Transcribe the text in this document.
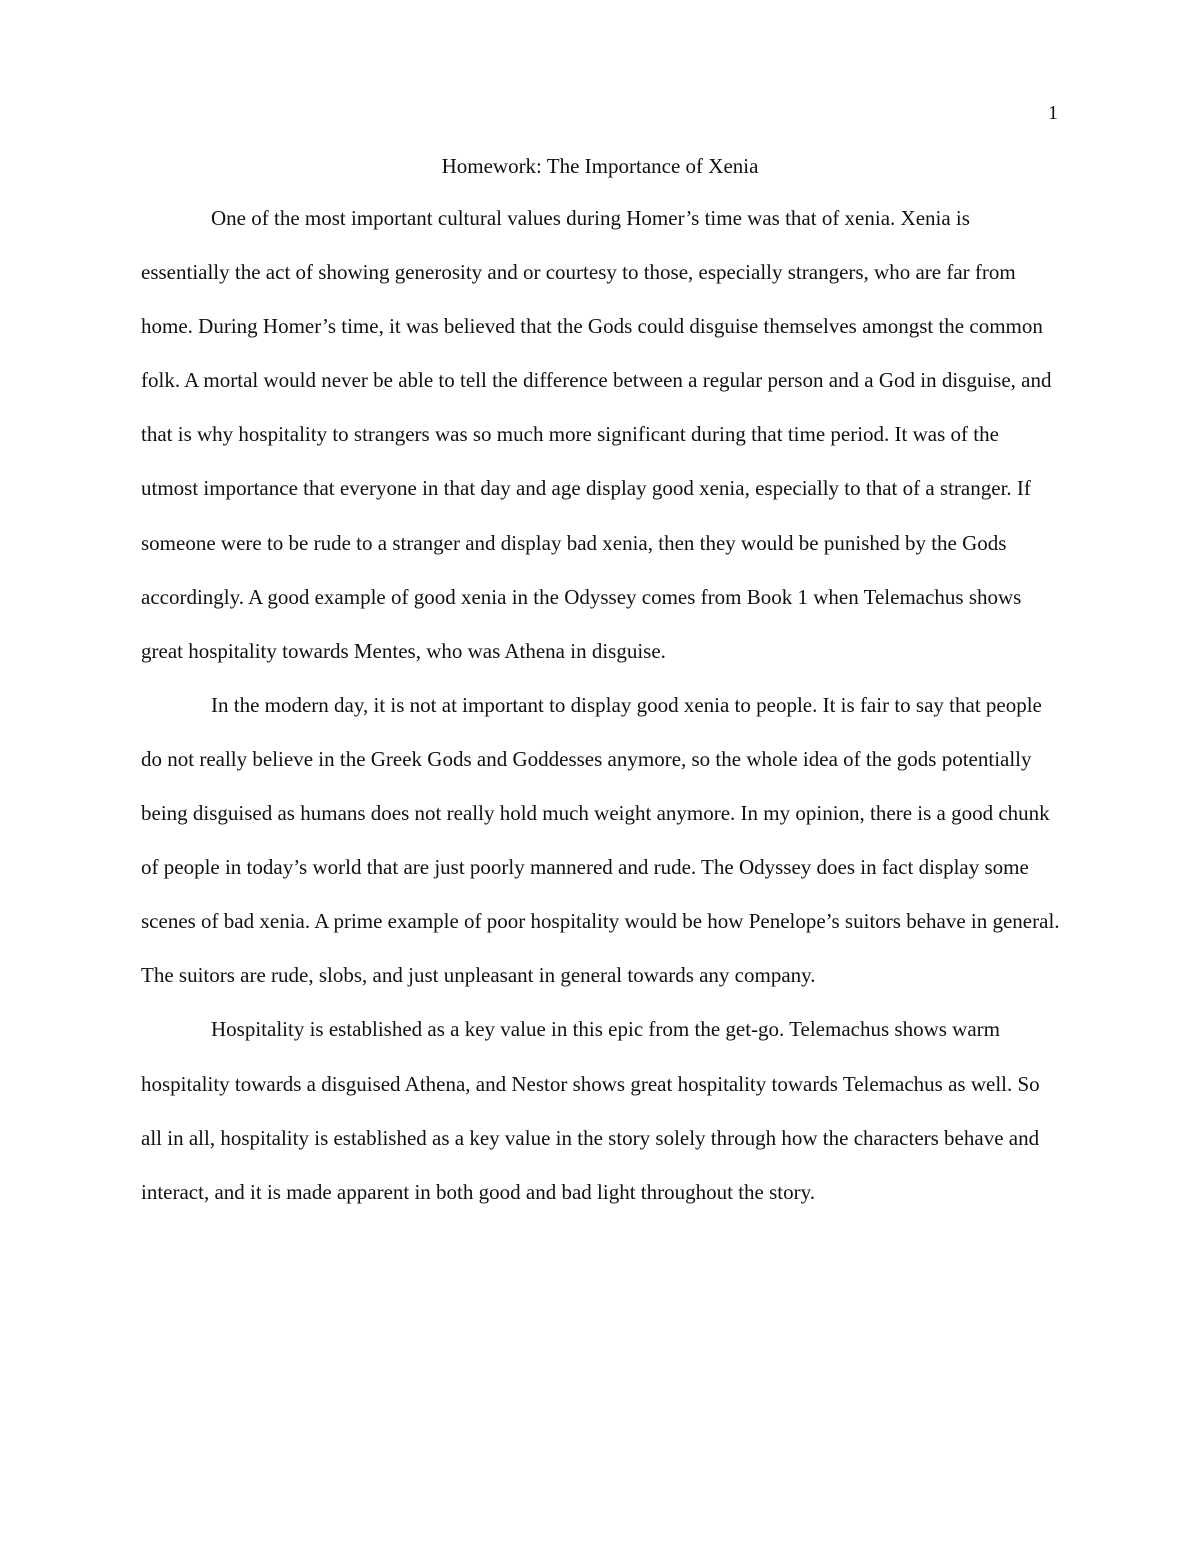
1
Homework: The Importance of Xenia

One of the most important cultural values during Homer’s time was that of xenia. Xenia is essentially the act of showing generosity and or courtesy to those, especially strangers, who are far from home. During Homer’s time, it was believed that the Gods could disguise themselves amongst the common folk. A mortal would never be able to tell the difference between a regular person and a God in disguise, and that is why hospitality to strangers was so much more significant during that time period. It was of the utmost importance that everyone in that day and age display good xenia, especially to that of a stranger. If someone were to be rude to a stranger and display bad xenia, then they would be punished by the Gods accordingly. A good example of good xenia in the Odyssey comes from Book 1 when Telemachus shows great hospitality towards Mentes, who was Athena in disguise.

In the modern day, it is not at important to display good xenia to people. It is fair to say that people do not really believe in the Greek Gods and Goddesses anymore, so the whole idea of the gods potentially being disguised as humans does not really hold much weight anymore. In my opinion, there is a good chunk of people in today’s world that are just poorly mannered and rude. The Odyssey does in fact display some scenes of bad xenia. A prime example of poor hospitality would be how Penelope’s suitors behave in general. The suitors are rude, slobs, and just unpleasant in general towards any company.

Hospitality is established as a key value in this epic from the get-go. Telemachus shows warm hospitality towards a disguised Athena, and Nestor shows great hospitality towards Telemachus as well. So all in all, hospitality is established as a key value in the story solely through how the characters behave and interact, and it is made apparent in both good and bad light throughout the story.
